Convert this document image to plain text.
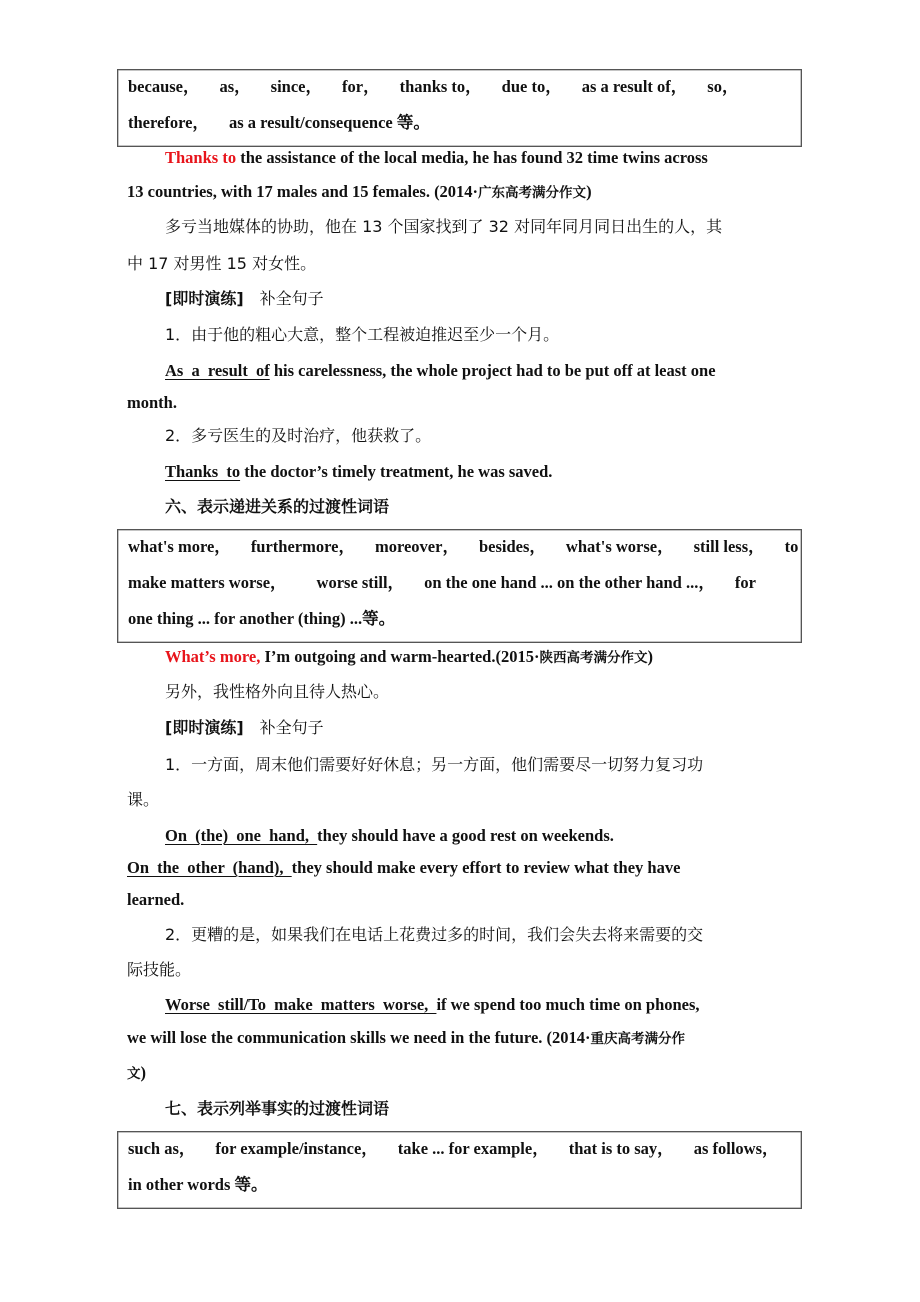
because， as， since， for， thanks to， due to， as a result of， so，
therefore， as a result/consequence 等。
Thanks to the assistance of the local media, he has found 32 time twins across
13 countries, with 17 males and 15 females. (2014·广东高考满分作文)
多亏当地媒体的协助，他在 13 个国家找到了 32 对同年同月同日出生的人，其
中 17 对男性 15 对女性。
[即时演练] 补全句子
1．由于他的粗心大意，整个工程被迫推迟至少一个月。
As a result of his carelessness, the whole project had to be put off at least one
month.
2．多亏医生的及时治疗，他获救了。
Thanks to the doctor’s timely treatment, he was saved.
六、表示递进关系的过渡性词语
what's more， furthermore， moreover， besides， what's worse， still less， to
make matters worse， worse still， on the one hand ... on the other hand ...， for
one thing ... for another (thing) ...等。
What’s more, I’m outgoing and warm-hearted.(2015·陕西高考满分作文)
另外，我性格外向且待人热心。
[即时演练] 补全句子
1．一方面，周末他们需要好好休息；另一方面，他们需要尽一切努力复习功
课。
On (the) one hand, they should have a good rest on weekends.
On the other (hand), they should make every effort to review what they have
learned.
2．更糟的是，如果我们在电话上花费过多的时间，我们会失去将来需要的交
际技能。
Worse still/To make matters worse, if we spend too much time on phones,
we will lose the communication skills we need in the future. (2014·重庆高考满分作
文)
七、表示列举事实的过渡性词语
such as， for example/instance， take ... for example， that is to say， as follows，
in other words 等。
